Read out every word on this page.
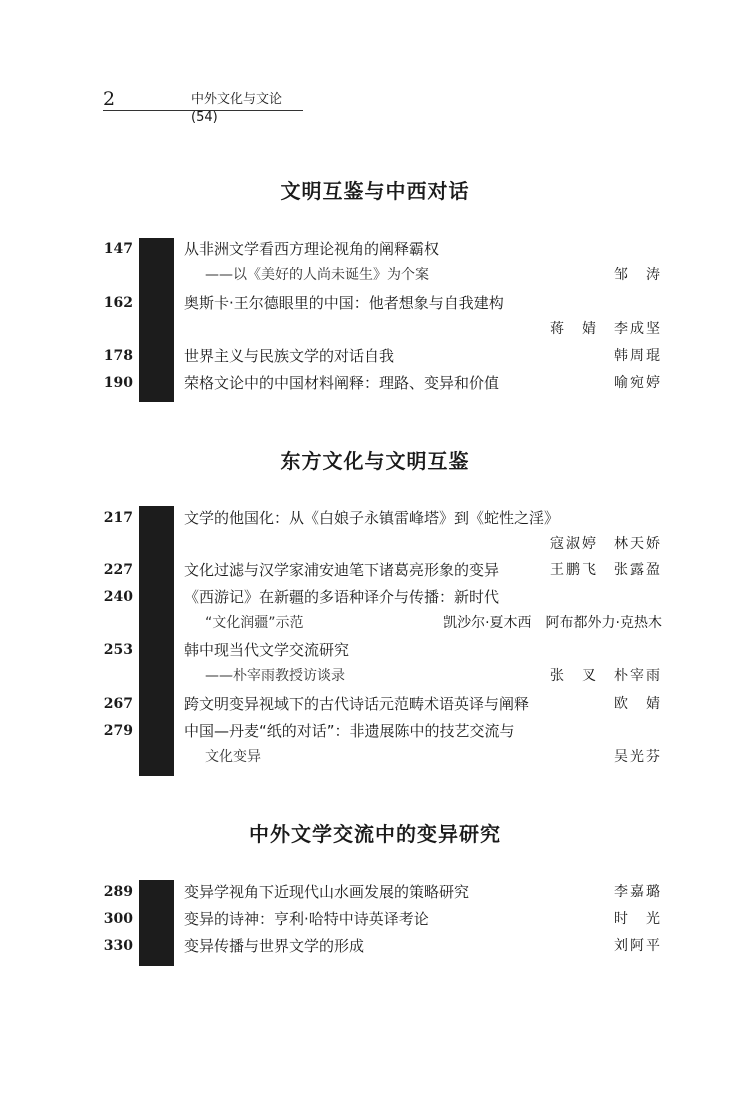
2	中外文化与文论(54)
文明互鉴与中西对话
147	从非洲文学看西方理论视角的阐释霸权
——以《美好的人尚未诞生》为个案	邹　涛
162	奥斯卡·王尔德眼里的中国：他者想象与自我建构
蒋　婧　李成坚
178	世界主义与民族文学的对话自我	韩周琨
190	荣格文论中的中国材料阐释：理路、变异和价值	喻宛婷
东方文化与文明互鉴
217	文学的他国化：从《白娘子永镇雷峰塔》到《蛇性之淫》
寇淑婷　林天娇
227	文化过滤与汉学家浦安迪笔下诸葛亮形象的变异	王鹏飞　张露盈
240	《西游记》在新疆的多语种译介与传播：新时代
“文化润疆”示范	凯沙尔·夏木西　阿布都外力·克热木
253	韩中现当代文学交流研究
——朴宰雨教授访谈录	张　叉　朴宰雨
267	跨文明变异视域下的古代诗话元范畴术语英译与阐释	欧　婧
279	中国—丹麦“纸的对话”：非遗展陈中的技艺交流与
文化变异	吴光芬
中外文学交流中的变异研究
289	变异学视角下近现代山水画发展的策略研究	李嘉璐
300	变异的诗神：亨利·哈特中诗英译考论	时　光
330	变异传播与世界文学的形成	刘阿平
